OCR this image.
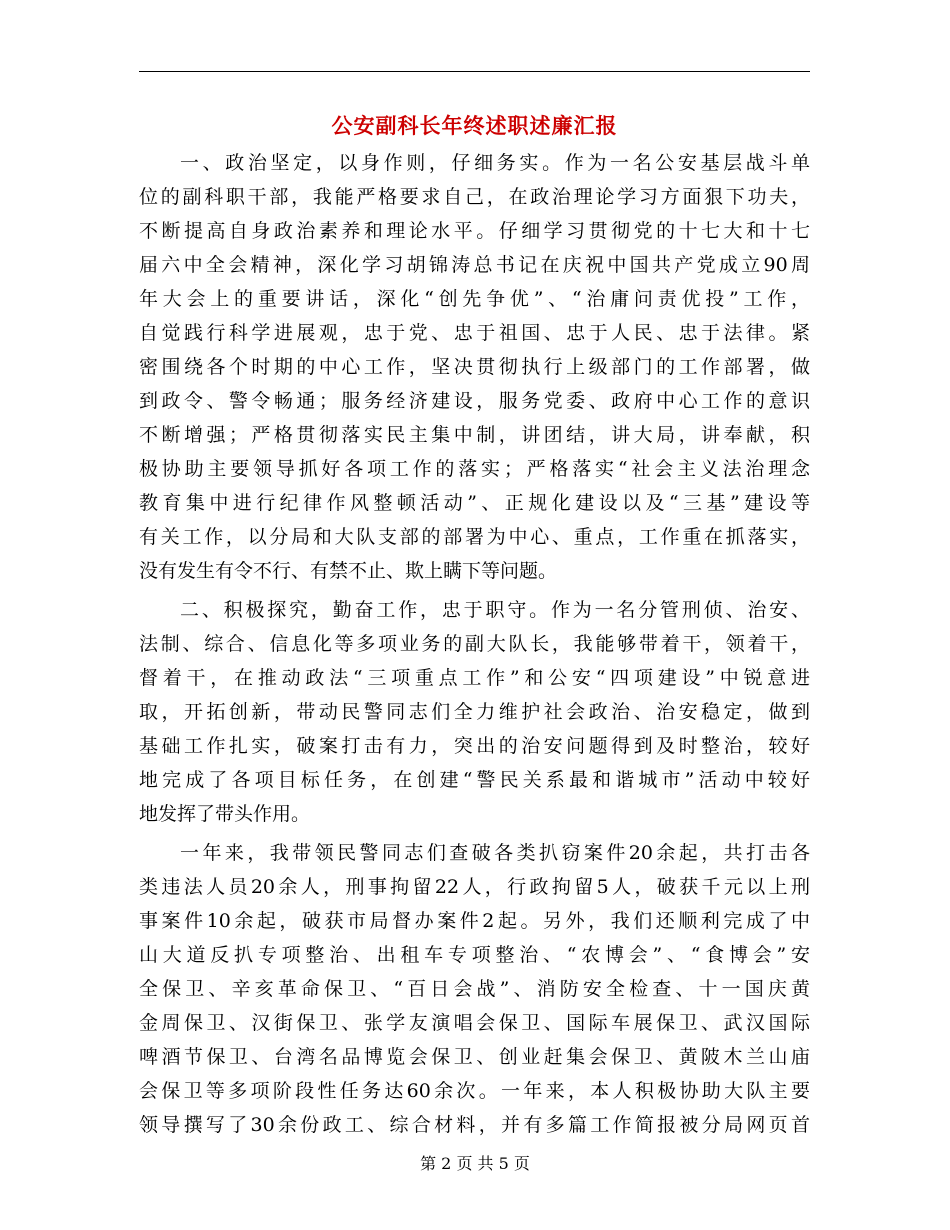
公安副科长年终述职述廉汇报
一、政治坚定，以身作则，仔细务实。作为一名公安基层战斗单
位的副科职干部，我能严格要求自己，在政治理论学习方面狠下功夫，
不断提高自身政治素养和理论水平。仔细学习贯彻党的十七大和十七
届六中全会精神，深化学习胡锦涛总书记在庆祝中国共产党成立90周
年大会上的重要讲话，深化“创先争优”、“治庸问责优投”工作，
自觉践行科学进展观，忠于党、忠于祖国、忠于人民、忠于法律。紧
密围绕各个时期的中心工作，坚决贯彻执行上级部门的工作部署，做
到政令、警令畅通；服务经济建设，服务党委、政府中心工作的意识
不断增强；严格贯彻落实民主集中制，讲团结，讲大局，讲奉献，积
极协助主要领导抓好各项工作的落实；严格落实“社会主义法治理念
教育集中进行纪律作风整顿活动”、正规化建设以及“三基”建设等
有关工作，以分局和大队支部的部署为中心、重点，工作重在抓落实，
没有发生有令不行、有禁不止、欺上瞒下等问题。
二、积极探究，勤奋工作，忠于职守。作为一名分管刑侦、治安、
法制、综合、信息化等多项业务的副大队长，我能够带着干，领着干，
督着干，在推动政法“三项重点工作”和公安“四项建设”中锐意进
取，开拓创新，带动民警同志们全力维护社会政治、治安稳定，做到
基础工作扎实，破案打击有力，突出的治安问题得到及时整治，较好
地完成了各项目标任务，在创建“警民关系最和谐城市”活动中较好
地发挥了带头作用。
一年来，我带领民警同志们查破各类扒窃案件20余起，共打击各
类违法人员20余人，刑事拘留22人，行政拘留5人，破获千元以上刑
事案件10余起，破获市局督办案件2起。另外，我们还顺利完成了中
山大道反扒专项整治、出租车专项整治、“农博会”、“食博会”安
全保卫、辛亥革命保卫、“百日会战”、消防安全检查、十一国庆黄
金周保卫、汉街保卫、张学友演唱会保卫、国际车展保卫、武汉国际
啤酒节保卫、台湾名品博览会保卫、创业赶集会保卫、黄陂木兰山庙
会保卫等多项阶段性任务达60余次。一年来，本人积极协助大队主要
领导撰写了30余份政工、综合材料，并有多篇工作简报被分局网页首
第 2 页 共 5 页
